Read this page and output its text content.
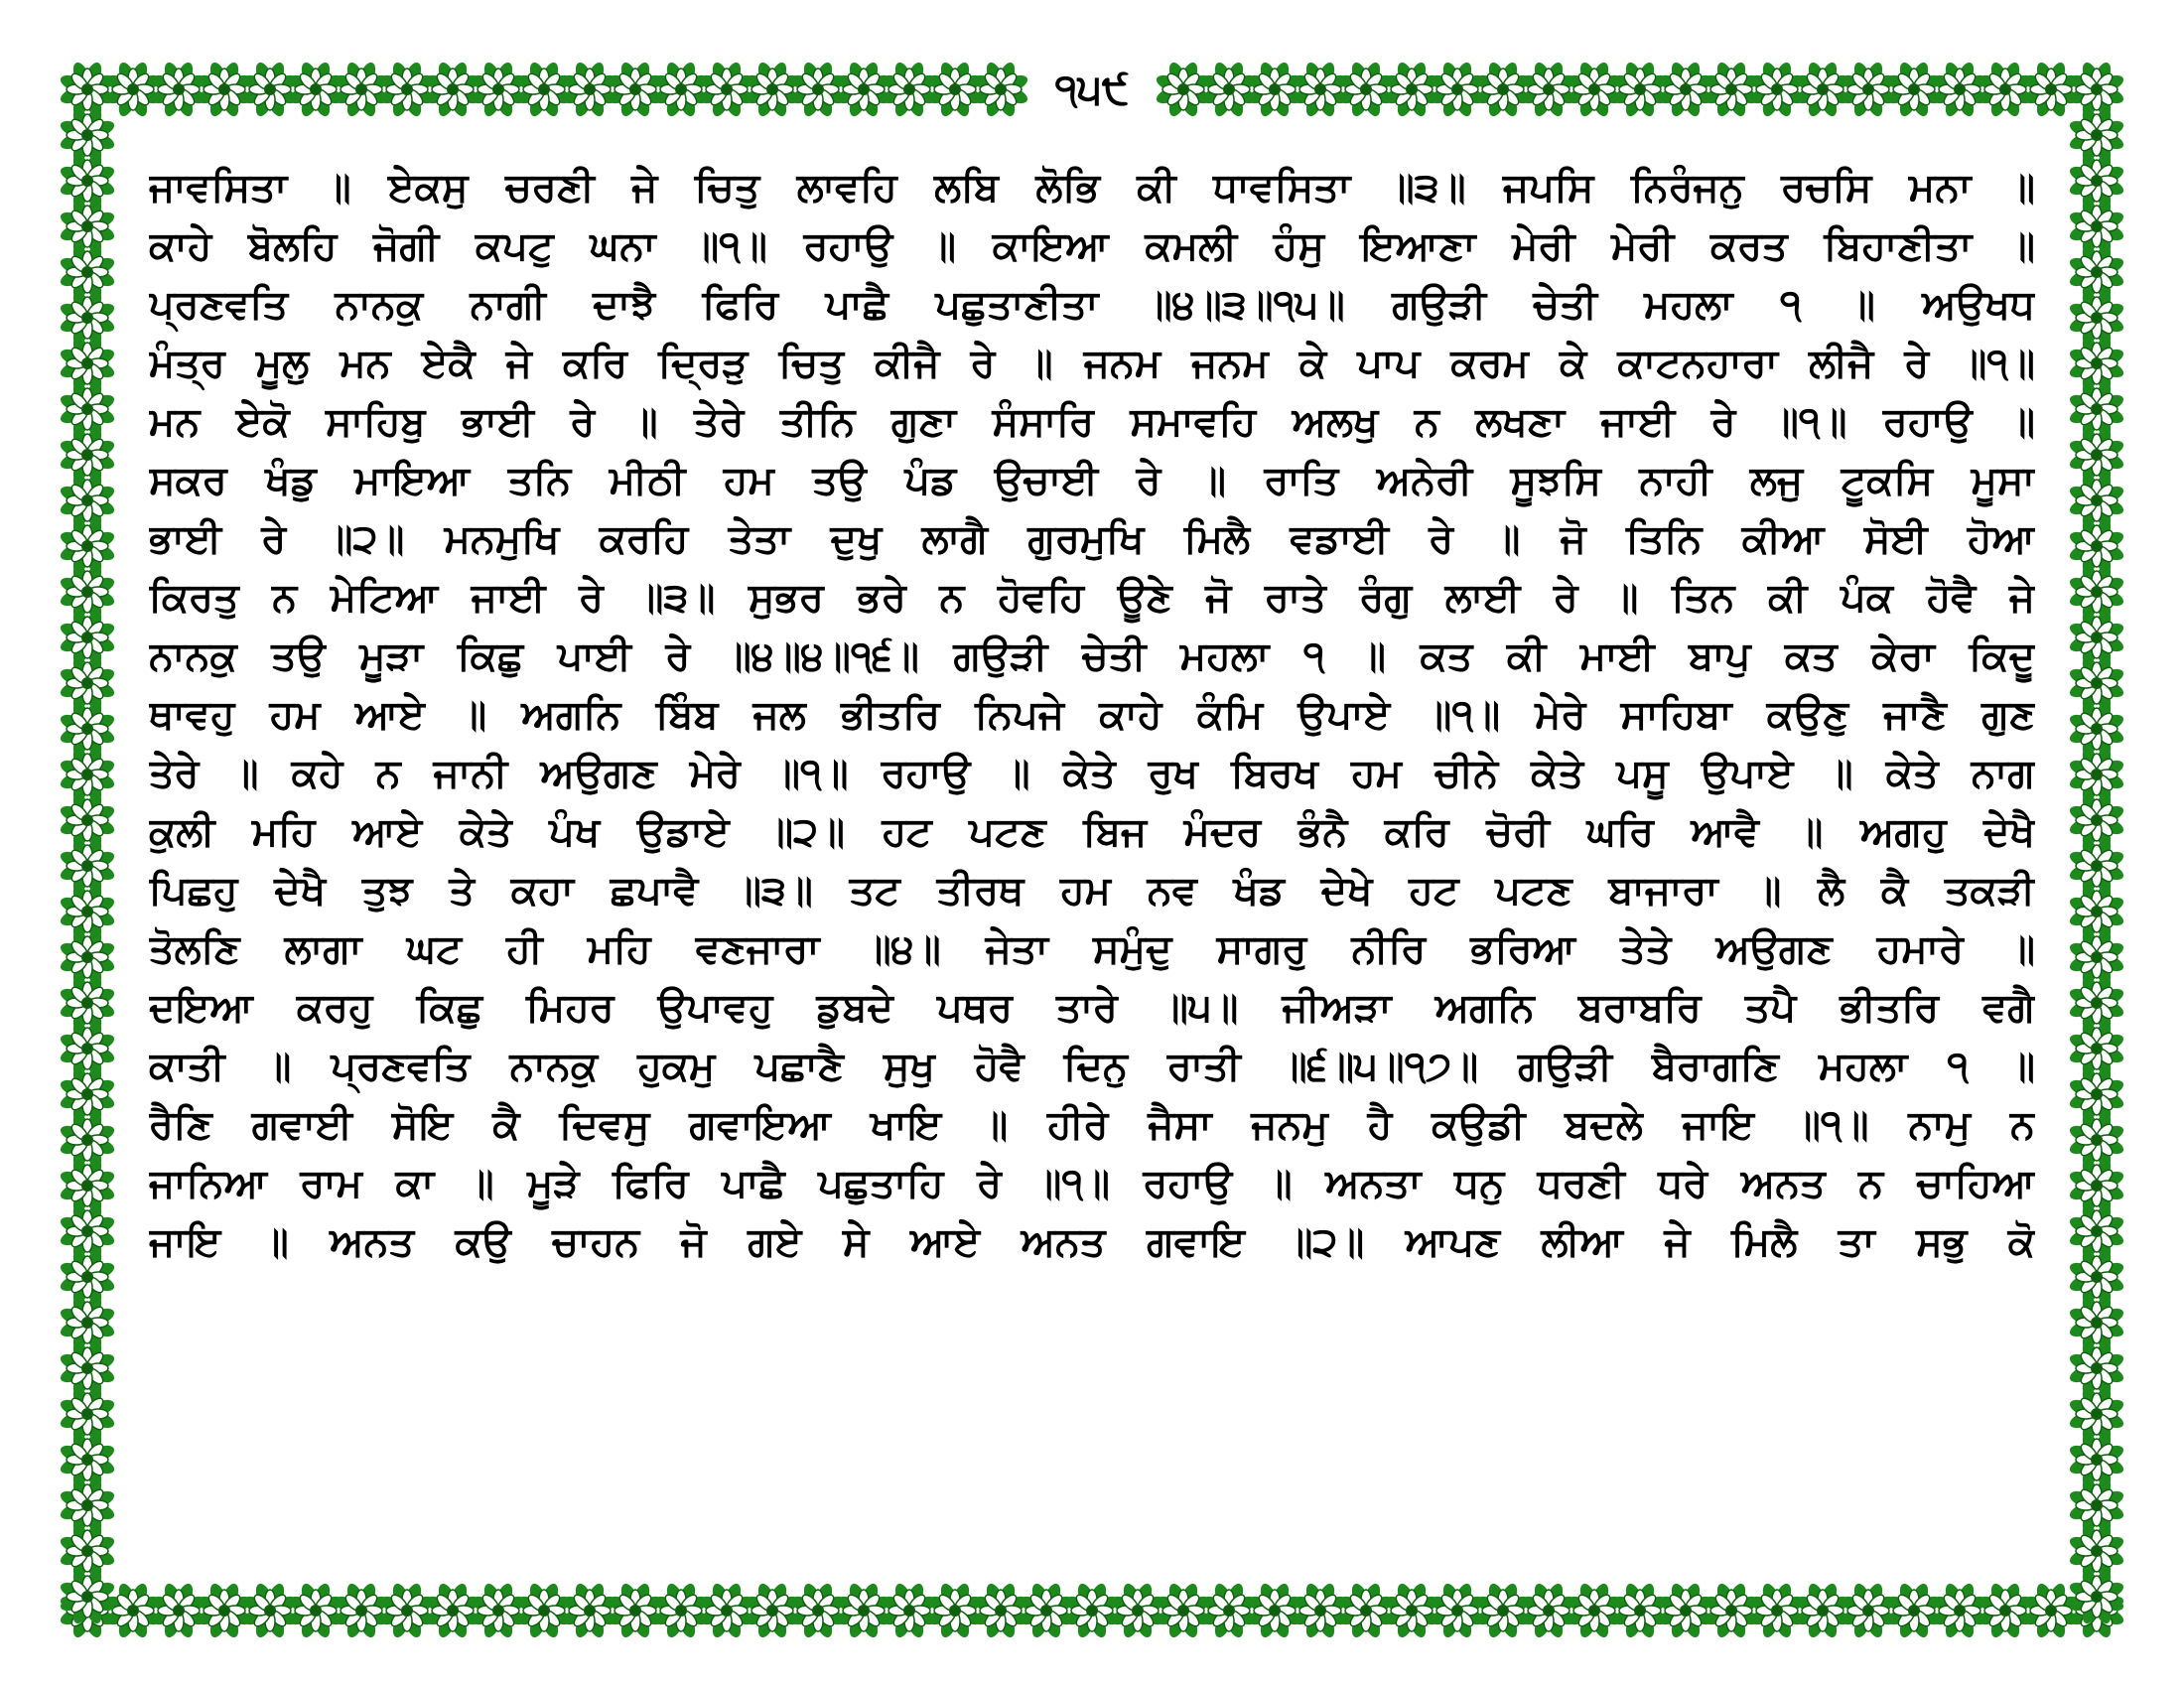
੧੫੯
ਜਾਵਸਿਤਾ ॥ ਏਕਸੁ ਚਰਣੀ ਜੇ ਚਿਤੁ ਲਾਵਹਿ ਲਬਿ ਲੋਭਿ ਕੀ ਧਾਵਸਿਤਾ ॥੩॥ ਜਪਸਿ ਨਿਰੰਜਨੁ ਰਚਸਿ ਮਨਾ ॥
ਕਾਹੇ ਬੋਲਹਿ ਜੋਗੀ ਕਪਟੁ ਘਨਾ ॥੧॥ ਰਹਾਉ ॥ ਕਾਇਆ ਕਮਲੀ ਹੰਸੁ ਇਆਣਾ ਮੇਰੀ ਮੇਰੀ ਕਰਤ ਬਿਹਾਣੀਤਾ ॥
ਪ੍ਰਣਵਤਿ ਨਾਨਕੁ ਨਾਗੀ ਦਾਝੈ ਫਿਰਿ ਪਾਛੈ ਪਛੁਤਾਣੀਤਾ ॥੪॥੩॥੧੫॥ ਗਉੜੀ ਚੇਤੀ ਮਹਲਾ ੧ ॥ ਅਉਖਧ
ਮੰਤ੍ਰ ਮੂਲੁ ਮਨ ਏਕੈ ਜੇ ਕਰਿ ਦ੍ਰਿੜੁ ਚਿਤੁ ਕੀਜੈ ਰੇ ॥ ਜਨਮ ਜਨਮ ਕੇ ਪਾਪ ਕਰਮ ਕੇ ਕਾਟਨਹਾਰਾ ਲੀਜੈ ਰੇ ॥੧॥
ਮਨ ਏਕੋ ਸਾਹਿਬੁ ਭਾਈ ਰੇ ॥ ਤੇਰੇ ਤੀਨਿ ਗੁਣਾ ਸੰਸਾਰਿ ਸਮਾਵਹਿ ਅਲਖੁ ਨ ਲਖਣਾ ਜਾਈ ਰੇ ॥੧॥ ਰਹਾਉ ॥
ਸਕਰ ਖੰਡੁ ਮਾਇਆ ਤਨਿ ਮੀਠੀ ਹਮ ਤਉ ਪੰਡ ਉਚਾਈ ਰੇ ॥ ਰਾਤਿ ਅਨੇਰੀ ਸੂਝਸਿ ਨਾਹੀ ਲਜੁ ਟੂਕਸਿ ਮੂਸਾ
ਭਾਈ ਰੇ ॥੨॥ ਮਨਮੁਖਿ ਕਰਹਿ ਤੇਤਾ ਦੁਖੁ ਲਾਗੈ ਗੁਰਮੁਖਿ ਮਿਲੈ ਵਡਾਈ ਰੇ ॥ ਜੋ ਤਿਨਿ ਕੀਆ ਸੋਈ ਹੋਆ
ਕਿਰਤੁ ਨ ਮੇਟਿਆ ਜਾਈ ਰੇ ॥੩॥ ਸੁਭਰ ਭਰੇ ਨ ਹੋਵਹਿ ਊਣੇ ਜੋ ਰਾਤੇ ਰੰਗੁ ਲਾਈ ਰੇ ॥ ਤਿਨ ਕੀ ਪੰਕ ਹੋਵੈ ਜੇ
ਨਾਨਕੁ ਤਉ ਮੂੜਾ ਕਿਛੁ ਪਾਈ ਰੇ ॥੪॥੪॥੧੬॥ ਗਉੜੀ ਚੇਤੀ ਮਹਲਾ ੧ ॥ ਕਤ ਕੀ ਮਾਈ ਬਾਪੁ ਕਤ ਕੇਰਾ ਕਿਦੂ
ਥਾਵਹੁ ਹਮ ਆਏ ॥ ਅਗਨਿ ਬਿੰਬ ਜਲ ਭੀਤਰਿ ਨਿਪਜੇ ਕਾਹੇ ਕੰਮਿ ਉਪਾਏ ॥੧॥ ਮੇਰੇ ਸਾਹਿਬਾ ਕਉਣੁ ਜਾਣੈ ਗੁਣ
ਤੇਰੇ ॥ ਕਹੇ ਨ ਜਾਨੀ ਅਉਗਣ ਮੇਰੇ ॥੧॥ ਰਹਾਉ ॥ ਕੇਤੇ ਰੁਖ ਬਿਰਖ ਹਮ ਚੀਨੇ ਕੇਤੇ ਪਸੂ ਉਪਾਏ ॥ ਕੇਤੇ ਨਾਗ
ਕੁਲੀ ਮਹਿ ਆਏ ਕੇਤੇ ਪੰਖ ਉਡਾਏ ॥੨॥ ਹਟ ਪਟਣ ਬਿਜ ਮੰਦਰ ਭੰਨੈ ਕਰਿ ਚੋਰੀ ਘਰਿ ਆਵੈ ॥ ਅਗਹੁ ਦੇਖੈ
ਪਿਛਹੁ ਦੇਖੈ ਤੁਝ ਤੇ ਕਹਾ ਛਪਾਵੈ ॥੩॥ ਤਟ ਤੀਰਥ ਹਮ ਨਵ ਖੰਡ ਦੇਖੇ ਹਟ ਪਟਣ ਬਾਜਾਰਾ ॥ ਲੈ ਕੈ ਤਕੜੀ
ਤੋਲਣਿ ਲਾਗਾ ਘਟ ਹੀ ਮਹਿ ਵਣਜਾਰਾ ॥੪॥ ਜੇਤਾ ਸਮੁੰਦੁ ਸਾਗਰੁ ਨੀਰਿ ਭਰਿਆ ਤੇਤੇ ਅਉਗਣ ਹਮਾਰੇ ॥
ਦਇਆ ਕਰਹੁ ਕਿਛੁ ਮਿਹਰ ਉਪਾਵਹੁ ਡੁਬਦੇ ਪਥਰ ਤਾਰੇ ॥੫॥ ਜੀਅੜਾ ਅਗਨਿ ਬਰਾਬਰਿ ਤਪੈ ਭੀਤਰਿ ਵਗੈ
ਕਾਤੀ ॥ ਪ੍ਰਣਵਤਿ ਨਾਨਕੁ ਹੁਕਮੁ ਪਛਾਣੈ ਸੁਖੁ ਹੋਵੈ ਦਿਨੁ ਰਾਤੀ ॥੬॥੫॥੧੭॥ ਗਉੜੀ ਬੈਰਾਗਣਿ ਮਹਲਾ ੧ ॥
ਰੈਣਿ ਗਵਾਈ ਸੋਇ ਕੈ ਦਿਵਸੁ ਗਵਾਇਆ ਖਾਇ ॥ ਹੀਰੇ ਜੈਸਾ ਜਨਮੁ ਹੈ ਕਉਡੀ ਬਦਲੇ ਜਾਇ ॥੧॥ ਨਾਮੁ ਨ
ਜਾਨਿਆ ਰਾਮ ਕਾ ॥ ਮੂੜੇ ਫਿਰਿ ਪਾਛੈ ਪਛੁਤਾਹਿ ਰੇ ॥੧॥ ਰਹਾਉ ॥ ਅਨਤਾ ਧਨੁ ਧਰਣੀ ਧਰੇ ਅਨਤ ਨ ਚਾਹਿਆ
ਜਾਇ ॥ ਅਨਤ ਕਉ ਚਾਹਨ ਜੋ ਗਏ ਸੇ ਆਏ ਅਨਤ ਗਵਾਇ ॥੨॥ ਆਪਣ ਲੀਆ ਜੇ ਮਿਲੈ ਤਾ ਸਭੁ ਕੋ
